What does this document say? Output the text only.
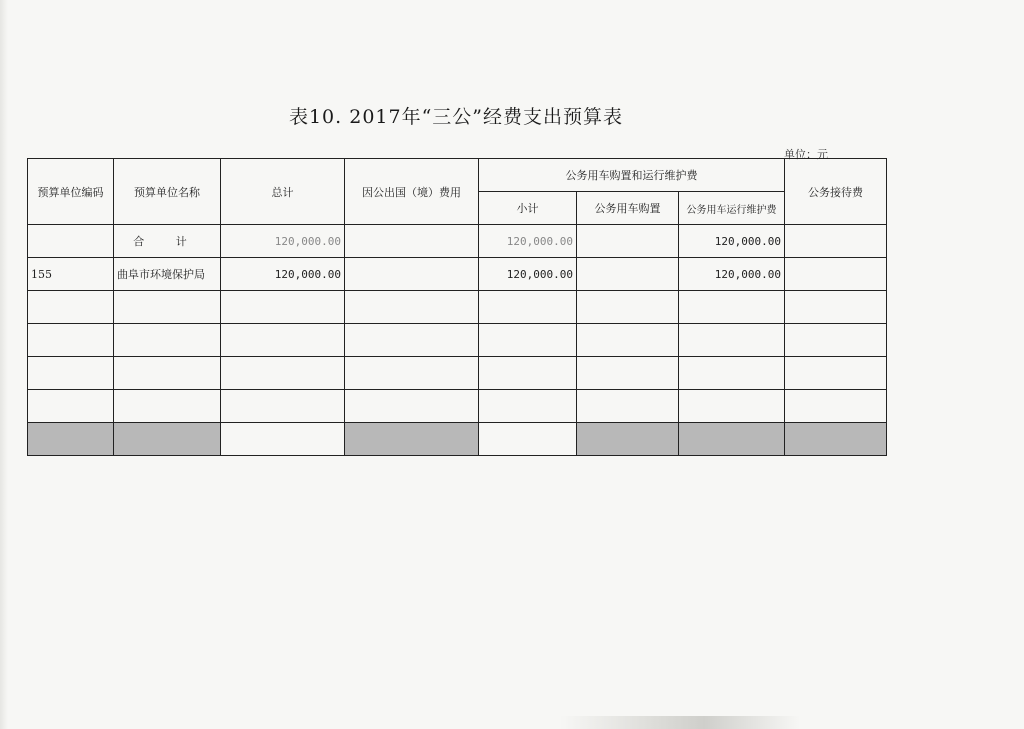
表10. 2017年“三公”经费支出预算表
单位：元
预算单位编码	预算单位名称	总计	因公出国（境）费用	公务用车购置和运行维护费			公务接待费
				小计	公务用车购置	公务用车运行维护费	
	合 计	120,000.00		120,000.00		120,000.00	
155	曲阜市环境保护局	120,000.00		120,000.00		120,000.00	
